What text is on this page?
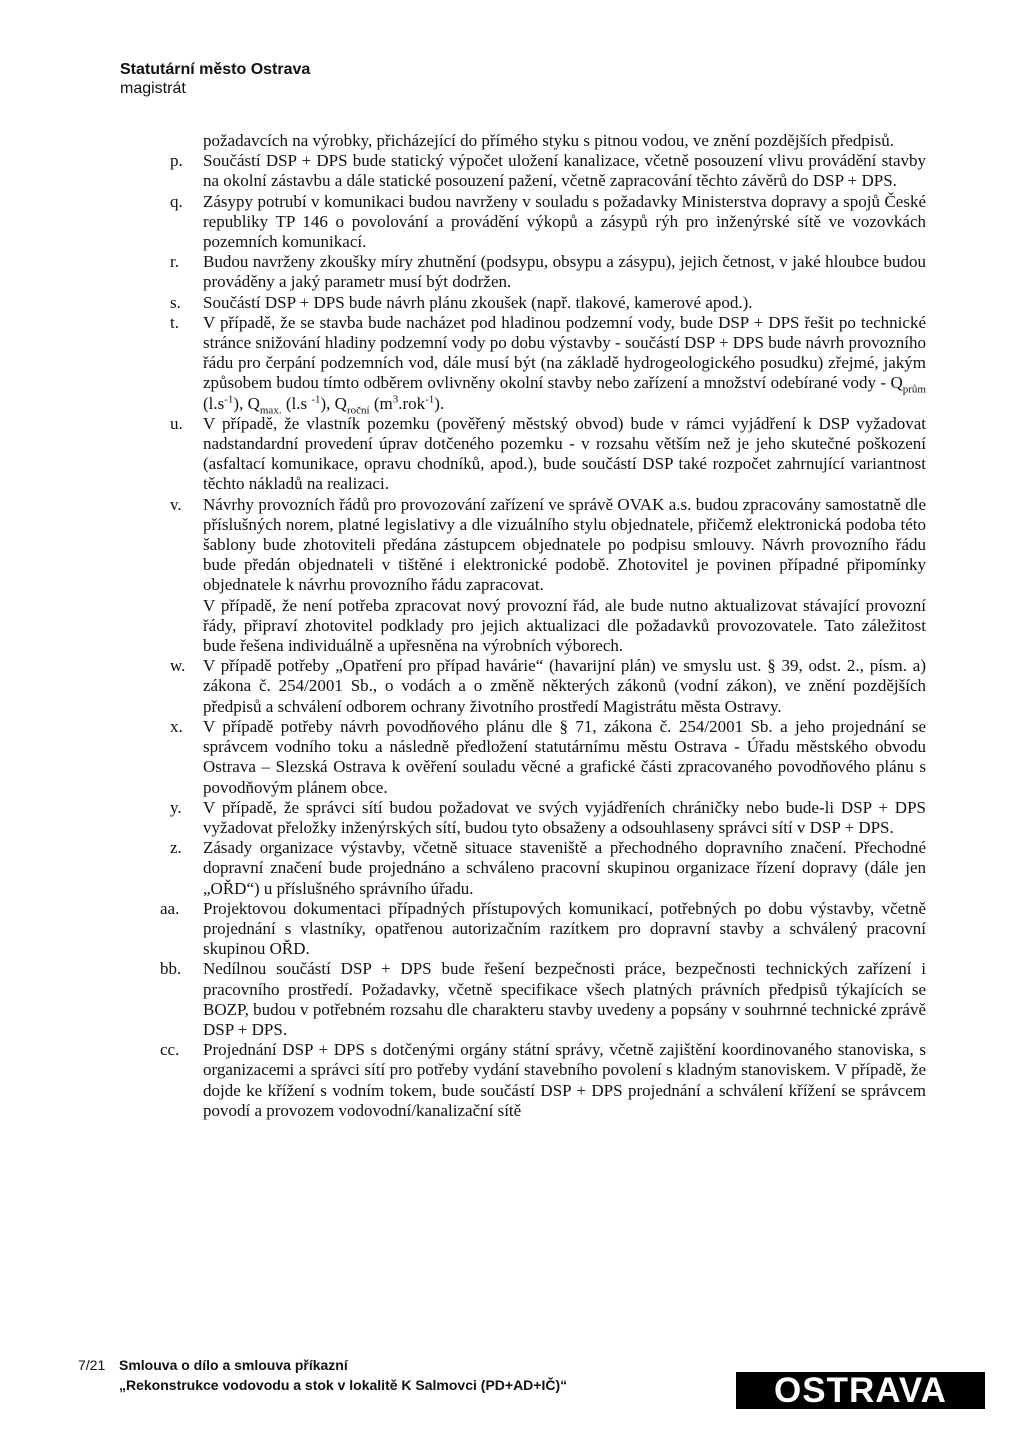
Statutární město Ostrava
magistrát
požadavcích na výrobky, přicházející do přímého styku s pitnou vodou, ve znění pozdějších předpisů.
p.	Součástí DSP + DPS bude statický výpočet uložení kanalizace, včetně posouzení vlivu provádění stavby na okolní zástavbu a dále statické posouzení pažení, včetně zapracování těchto závěrů do DSP + DPS.
q.	Zásypy potrubí v komunikaci budou navrženy v souladu s požadavky Ministerstva dopravy a spojů České republiky TP 146 o povolování a provádění výkopů a zásypů rýh pro inženýrské sítě ve vozovkách pozemních komunikací.
r.	Budou navrženy zkoušky míry zhutnění (podsypu, obsypu a zásypu), jejich četnost, v jaké hloubce budou prováděny a jaký parametr musí být dodržen.
s.	Součástí DSP + DPS bude návrh plánu zkoušek (např. tlakové, kamerové apod.).
t.	V případě, že se stavba bude nacházet pod hladinou podzemní vody, bude DSP + DPS řešit po technické stránce snižování hladiny podzemní vody po dobu výstavby - součástí DSP + DPS bude návrh provozního řádu pro čerpání podzemních vod, dále musí být (na základě hydrogeologického posudku) zřejmé, jakým způsobem budou tímto odběrem ovlivněny okolní stavby nebo zařízení a množství odebírané vody - $Q_{prům}$ $(l.s^{-1})$, $Q_{max.}$ (l.s $^{-1}$), $Q_{roční}$ $(m^3.rok^{-1})$.
u.	V případě, že vlastník pozemku (pověřený městský obvod) bude v rámci vyjádření k DSP vyžadovat nadstandardní provedení úprav dotčeného pozemku - v rozsahu větším než je jeho skutečné poškození (asfaltací komunikace, opravu chodníků, apod.), bude součástí DSP také rozpočet zahrnující variantnost těchto nákladů na realizaci.
v.	Návrhy provozních řádů pro provozování zařízení ve správě OVAK a.s. budou zpracovány samostatně dle příslušných norem, platné legislativy a dle vizuálního stylu objednatele, přičemž elektronická podoba této šablony bude zhotoviteli předána zástupcem objednatele po podpisu smlouvy. Návrh provozního řádu bude předán objednateli v tištěné i elektronické podobě. Zhotovitel je povinen případné připomínky objednatele k návrhu provozního řádu zapracovat.
V případě, že není potřeba zpracovat nový provozní řád, ale bude nutno aktualizovat stávající provozní řády, připraví zhotovitel podklady pro jejich aktualizaci dle požadavků provozovatele. Tato záležitost bude řešena individuálně a upřesněna na výrobních výborech.
w.	V případě potřeby „Opatření pro případ havárie“ (havarijní plán) ve smyslu ust. § 39, odst. 2., písm. a) zákona č. 254/2001 Sb., o vodách a o změně některých zákonů (vodní zákon), ve znění pozdějších předpisů a schválení odborem ochrany životního prostředí Magistrátu města Ostravy.
x.	V případě potřeby návrh povodňového plánu dle § 71, zákona č. 254/2001 Sb. a jeho projednání se správcem vodního toku a následně předložení statutárnímu městu Ostrava - Úřadu městského obvodu Ostrava – Slezská Ostrava k ověření souladu věcné a grafické části zpracovaného povodňového plánu s povodňovým plánem obce.
y.	V případě, že správci sítí budou požadovat ve svých vyjádřeních chráničky nebo bude-li DSP + DPS vyžadovat přeložky inženýrských sítí, budou tyto obsaženy a odsouhlaseny správci sítí v DSP + DPS.
z.	Zásady organizace výstavby, včetně situace staveniště a přechodného dopravního značení. Přechodné dopravní značení bude projednáno a schváleno pracovní skupinou organizace řízení dopravy (dále jen „OŘD“) u příslušného správního úřadu.
aa.	Projektovou dokumentaci případných přístupových komunikací, potřebných po dobu výstavby, včetně projednání s vlastníky, opatřenou autorizačním razítkem pro dopravní stavby a schválený pracovní skupinou OŘD.
bb.	Nedílnou součástí DSP + DPS bude řešení bezpečnosti práce, bezpečnosti technických zařízení i pracovního prostředí. Požadavky, včetně specifikace všech platných právních předpisů týkajících se BOZP, budou v potřebném rozsahu dle charakteru stavby uvedeny a popsány v souhrnné technické zprávě DSP + DPS.
cc.	Projednání DSP + DPS s dotčenými orgány státní správy, včetně zajištění koordinovaného stanoviska, s organizacemi a správci sítí pro potřeby vydání stavebního povolení s kladným stanoviskem. V případě, že dojde ke křížení s vodním tokem, bude součástí DSP + DPS projednání a schválení křížení se správcem povodí a provozem vodovodní/kanalizační sítě
7/21 Smlouva o dílo a smlouva příkazní
„Rekonstrukce vodovodu a stok v lokalitě K Salmovci (PD+AD+IČ)“	OSTRAVA
